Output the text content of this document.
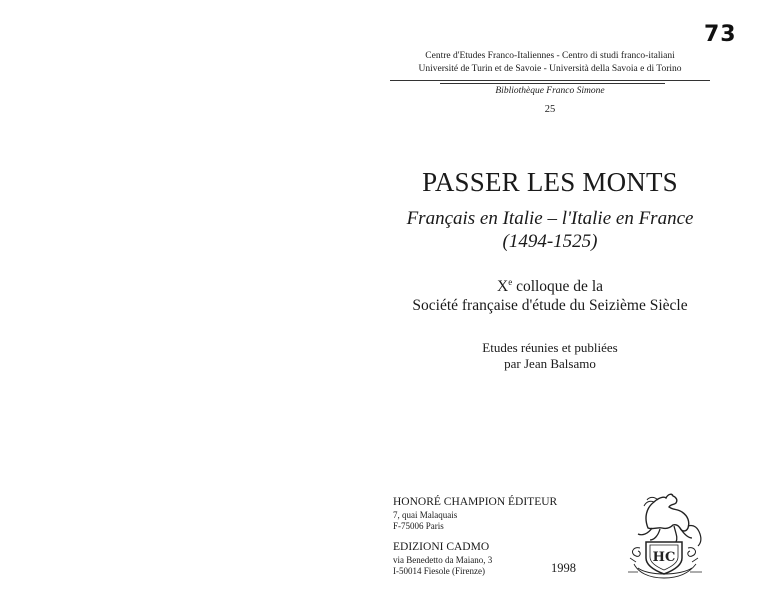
73
Centre d'Etudes Franco-Italiennes - Centro di studi franco-italiani
Université de Turin et de Savoie - Università della Savoia e di Torino
Bibliothèque Franco Simone
25
PASSER LES MONTS
Français en Italie – l'Italie en France
(1494-1525)
Xe colloque de la
Société française d'étude du Seizième Siècle
Etudes réunies et publiées
par Jean Balsamo
HONORÉ CHAMPION ÉDITEUR
7, quai Malaquais
F-75006 Paris
EDIZIONI CADMO
via Benedetto da Maiano, 3
I-50014 Fiesole (Firenze)	1998
HC
